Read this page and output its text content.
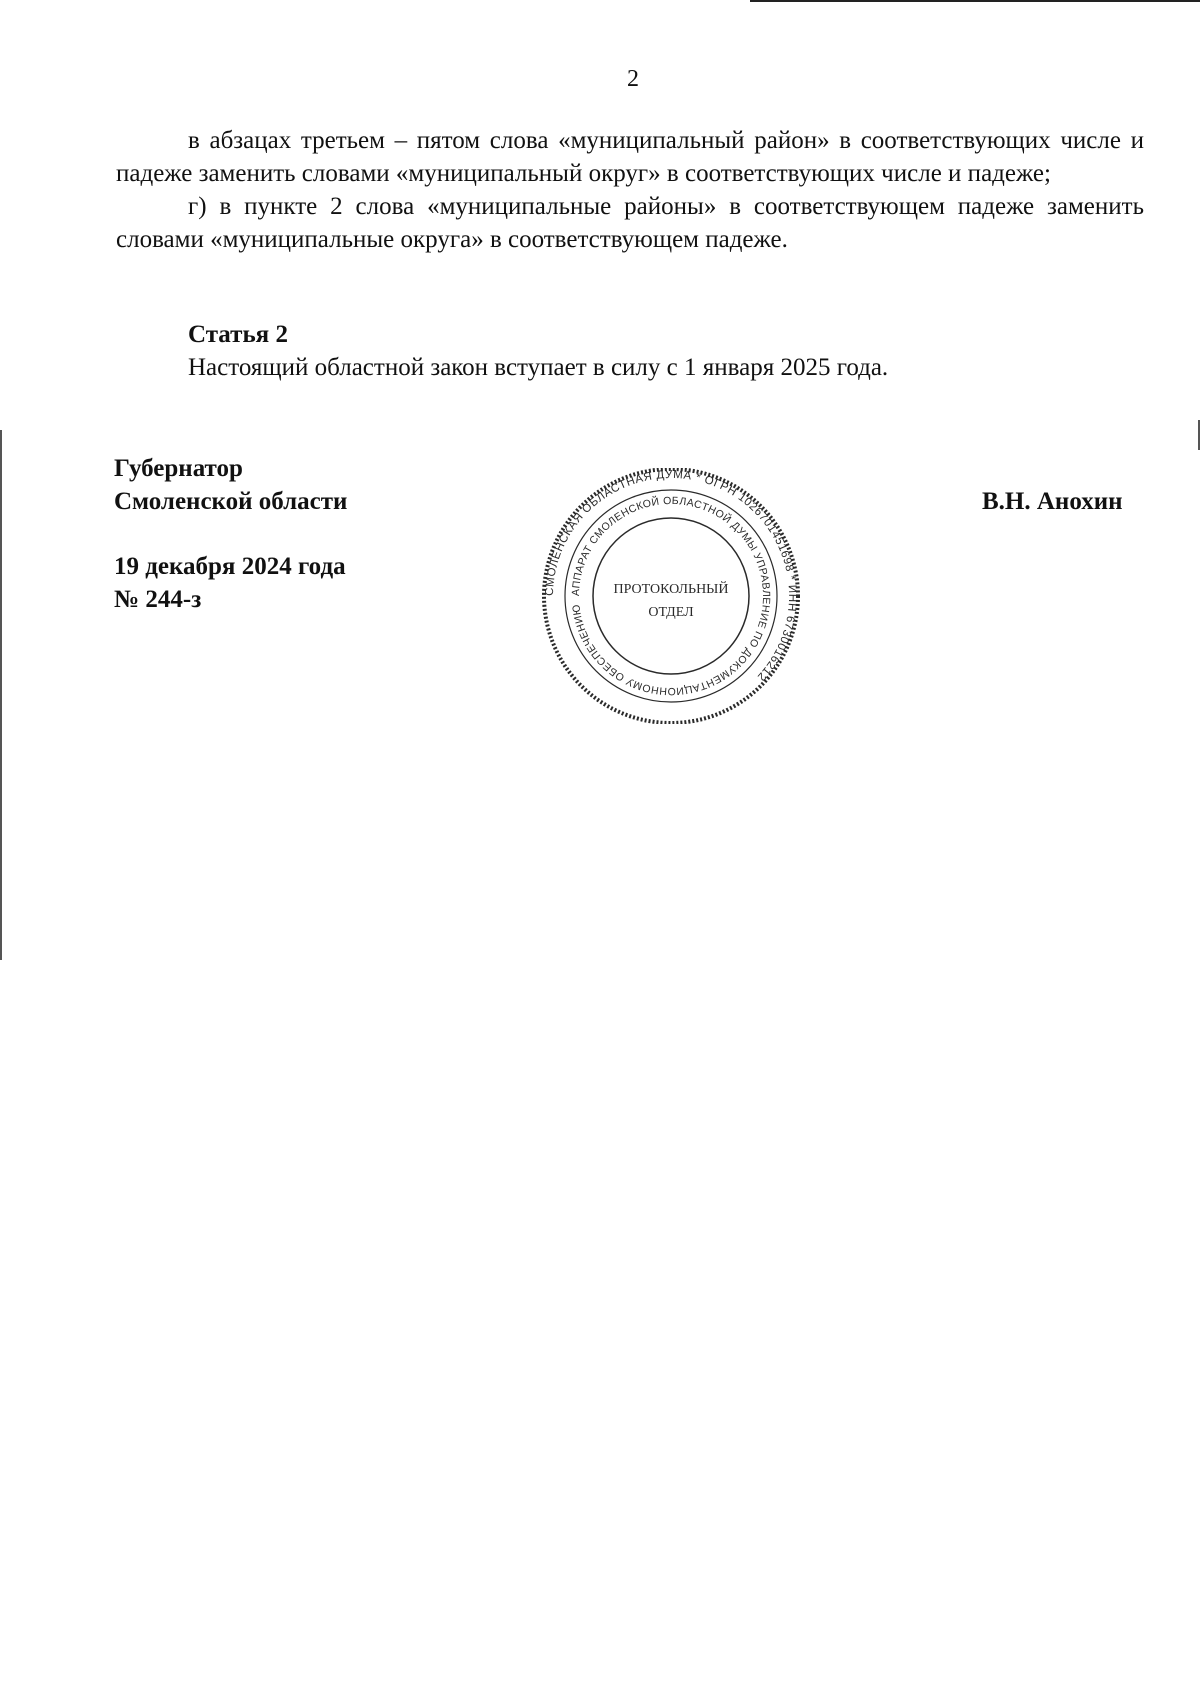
2

в абзацах третьем – пятом слова «муниципальный район» в соответствующих числе и падеже заменить словами «муниципальный округ» в соответствующих числе и падеже;

г) в пункте 2 слова «муниципальные районы» в соответствующем падеже заменить словами «муниципальные округа» в соответствующем падеже.

Статья 2
Настоящий областной закон вступает в силу с 1 января 2025 года.
Губернатор
Смоленской области	В.Н. Анохин
19 декабря 2024 года
№ 244-з	СМОЛЕНСКАЯ ОБЛАСТНАЯ ДУМА * ОГРН 1026701451698 * ИНН 6730016212
АППАРАТ СМОЛЕНСКОЙ ОБЛАСТНОЙ ДУМЫ УПРАВЛЕНИЕ ПО ДОКУМЕНТАЦИОННОМУ ОБЕСПЕЧЕНИЮ
ПРОТОКОЛЬНЫЙ
ОТДЕЛ
